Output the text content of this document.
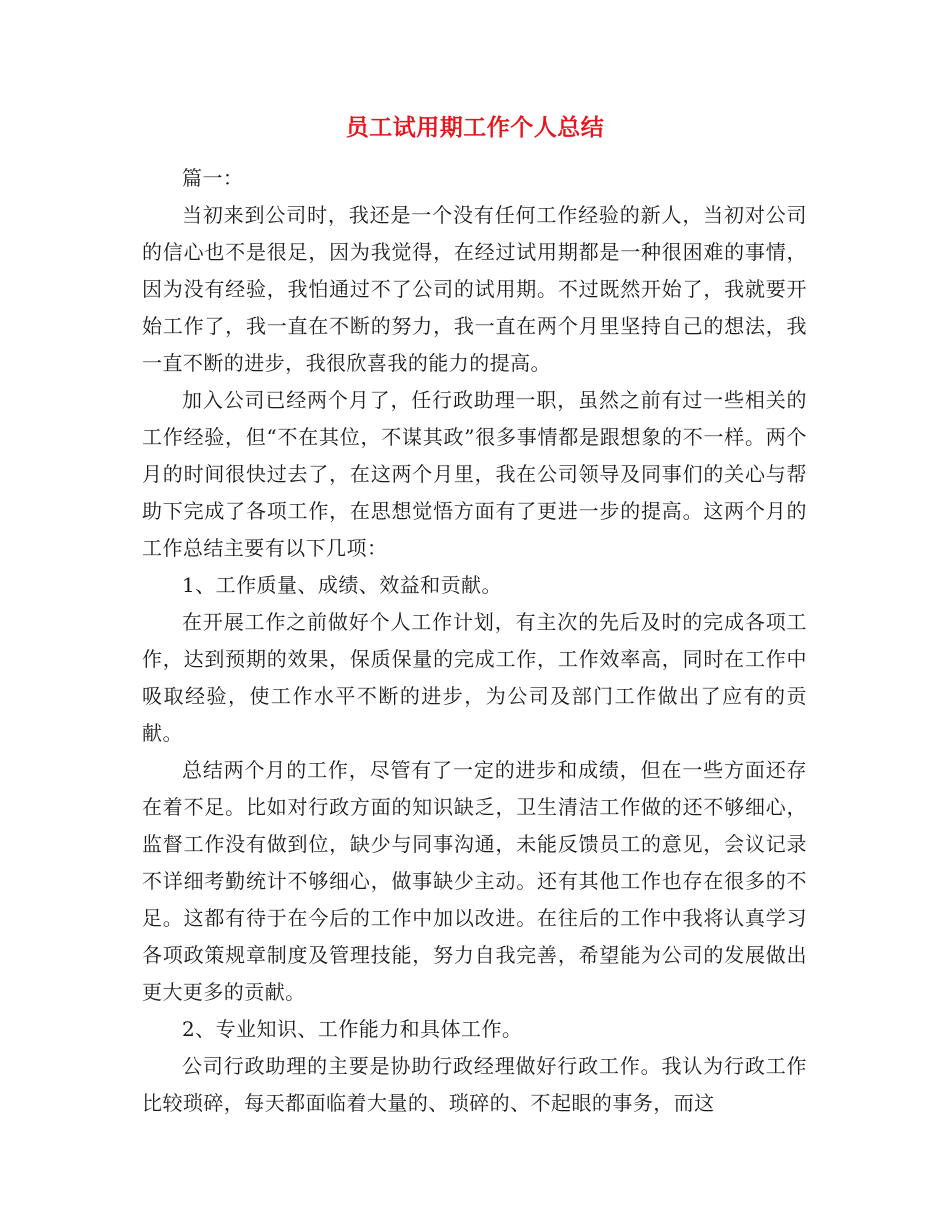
员工试用期工作个人总结

篇一：

当初来到公司时，我还是一个没有任何工作经验的新人，当初对公司的信心也不是很足，因为我觉得，在经过试用期都是一种很困难的事情，因为没有经验，我怕通过不了公司的试用期。不过既然开始了，我就要开始工作了，我一直在不断的努力，我一直在两个月里坚持自己的想法，我一直不断的进步，我很欣喜我的能力的提高。

加入公司已经两个月了，任行政助理一职，虽然之前有过一些相关的工作经验，但“不在其位，不谋其政”很多事情都是跟想象的不一样。两个月的时间很快过去了，在这两个月里，我在公司领导及同事们的关心与帮助下完成了各项工作，在思想觉悟方面有了更进一步的提高。这两个月的工作总结主要有以下几项：

1、工作质量、成绩、效益和贡献。

在开展工作之前做好个人工作计划，有主次的先后及时的完成各项工作，达到预期的效果，保质保量的完成工作，工作效率高，同时在工作中吸取经验，使工作水平不断的进步，为公司及部门工作做出了应有的贡献。

总结两个月的工作，尽管有了一定的进步和成绩，但在一些方面还存在着不足。比如对行政方面的知识缺乏，卫生清洁工作做的还不够细心，监督工作没有做到位，缺少与同事沟通，未能反馈员工的意见，会议记录不详细考勤统计不够细心，做事缺少主动。还有其他工作也存在很多的不足。这都有待于在今后的工作中加以改进。在往后的工作中我将认真学习各项政策规章制度及管理技能，努力自我完善，希望能为公司的发展做出更大更多的贡献。

2、专业知识、工作能力和具体工作。

公司行政助理的主要是协助行政经理做好行政工作。我认为行政工作比较琐碎，每天都面临着大量的、琐碎的、不起眼的事务，而这
